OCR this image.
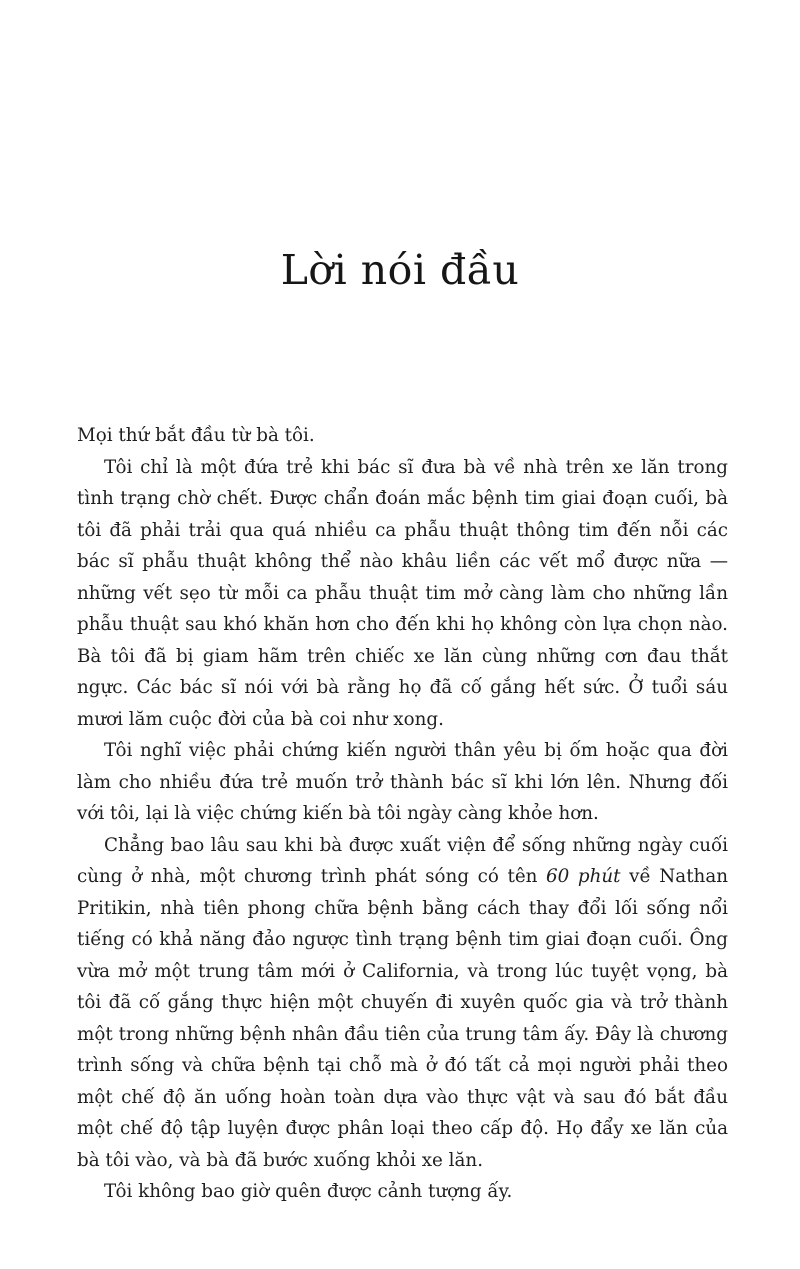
Lời nói đầu

Mọi thứ bắt đầu từ bà tôi.

Tôi chỉ là một đứa trẻ khi bác sĩ đưa bà về nhà trên xe lăn trong tình trạng chờ chết. Được chẩn đoán mắc bệnh tim giai đoạn cuối, bà tôi đã phải trải qua quá nhiều ca phẫu thuật thông tim đến nỗi các bác sĩ phẫu thuật không thể nào khâu liền các vết mổ được nữa — những vết sẹo từ mỗi ca phẫu thuật tim mở càng làm cho những lần phẫu thuật sau khó khăn hơn cho đến khi họ không còn lựa chọn nào. Bà tôi đã bị giam hãm trên chiếc xe lăn cùng những cơn đau thắt ngực. Các bác sĩ nói với bà rằng họ đã cố gắng hết sức. Ở tuổi sáu mươi lăm cuộc đời của bà coi như xong.

Tôi nghĩ việc phải chứng kiến người thân yêu bị ốm hoặc qua đời làm cho nhiều đứa trẻ muốn trở thành bác sĩ khi lớn lên. Nhưng đối với tôi, lại là việc chứng kiến bà tôi ngày càng khỏe hơn.

Chẳng bao lâu sau khi bà được xuất viện để sống những ngày cuối cùng ở nhà, một chương trình phát sóng có tên 60 phút về Nathan Pritikin, nhà tiên phong chữa bệnh bằng cách thay đổi lối sống nổi tiếng có khả năng đảo ngược tình trạng bệnh tim giai đoạn cuối. Ông vừa mở một trung tâm mới ở California, và trong lúc tuyệt vọng, bà tôi đã cố gắng thực hiện một chuyến đi xuyên quốc gia và trở thành một trong những bệnh nhân đầu tiên của trung tâm ấy. Đây là chương trình sống và chữa bệnh tại chỗ mà ở đó tất cả mọi người phải theo một chế độ ăn uống hoàn toàn dựa vào thực vật và sau đó bắt đầu một chế độ tập luyện được phân loại theo cấp độ. Họ đẩy xe lăn của bà tôi vào, và bà đã bước xuống khỏi xe lăn.

Tôi không bao giờ quên được cảnh tượng ấy.
